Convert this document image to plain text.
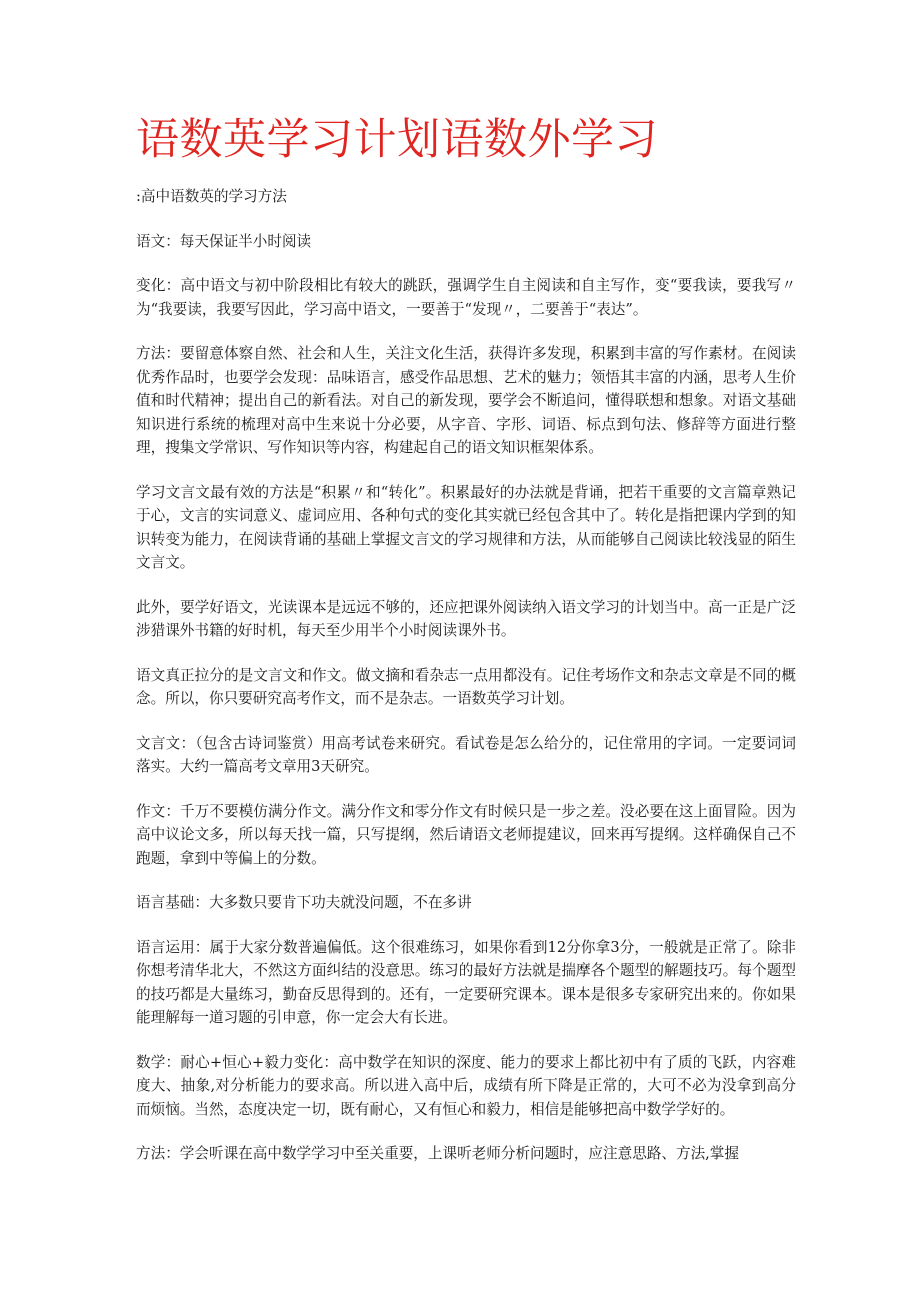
语数英学习计划语数外学习

:高中语数英的学习方法

语文：每天保证半小时阅读

变化：高中语文与初中阶段相比有较大的跳跃，强调学生自主阅读和自主写作，变“要我读，要我写〃为“我要读，我要写因此，学习高中语文，一要善于“发现〃，二要善于“表达”。

方法：要留意体察自然、社会和人生，关注文化生活，获得许多发现，积累到丰富的写作素材。在阅读优秀作品时，也要学会发现：品味语言，感受作品思想、艺术的魅力；领悟其丰富的内涵，思考人生价值和时代精神；提出自己的新看法。对自己的新发现，要学会不断追问，懂得联想和想象。对语文基础知识进行系统的梳理对高中生来说十分必要，从字音、字形、词语、标点到句法、修辞等方面进行整理，搜集文学常识、写作知识等内容，构建起自己的语文知识框架体系。

学习文言文最有效的方法是“积累〃和“转化”。积累最好的办法就是背诵，把若干重要的文言篇章熟记于心，文言的实词意义、虚词应用、各种句式的变化其实就已经包含其中了。转化是指把课内学到的知识转变为能力，在阅读背诵的基础上掌握文言文的学习规律和方法，从而能够自己阅读比较浅显的陌生文言文。

此外，要学好语文，光读课本是远远不够的，还应把课外阅读纳入语文学习的计划当中。高一正是广泛涉猎课外书籍的好时机，每天至少用半个小时阅读课外书。

语文真正拉分的是文言文和作文。做文摘和看杂志一点用都没有。记住考场作文和杂志文章是不同的概念。所以，你只要研究高考作文，而不是杂志。一语数英学习计划。

文言文：（包含古诗词鉴赏）用高考试卷来研究。看试卷是怎么给分的，记住常用的字词。一定要词词落实。大约一篇高考文章用3天研究。

作文：千万不要模仿满分作文。满分作文和零分作文有时候只是一步之差。没必要在这上面冒险。因为高中议论文多，所以每天找一篇，只写提纲，然后请语文老师提建议，回来再写提纲。这样确保自己不跑题，拿到中等偏上的分数。

语言基础：大多数只要肯下功夫就没问题，不在多讲

语言运用：属于大家分数普遍偏低。这个很难练习，如果你看到12分你拿3分，一般就是正常了。除非你想考清华北大，不然这方面纠结的没意思。练习的最好方法就是揣摩各个题型的解题技巧。每个题型的技巧都是大量练习，勤奋反思得到的。还有，一定要研究课本。课本是很多专家研究出来的。你如果能理解每一道习题的引申意，你一定会大有长进。

数学：耐心+恒心+毅力变化：高中数学在知识的深度、能力的要求上都比初中有了质的飞跃，内容难度大、抽象,对分析能力的要求高。所以进入高中后，成绩有所下降是正常的，大可不必为没拿到高分而烦恼。当然，态度决定一切，既有耐心，又有恒心和毅力，相信是能够把高中数学学好的。

方法：学会听课在高中数学学习中至关重要，上课听老师分析问题时，应注意思路、方法,掌握
